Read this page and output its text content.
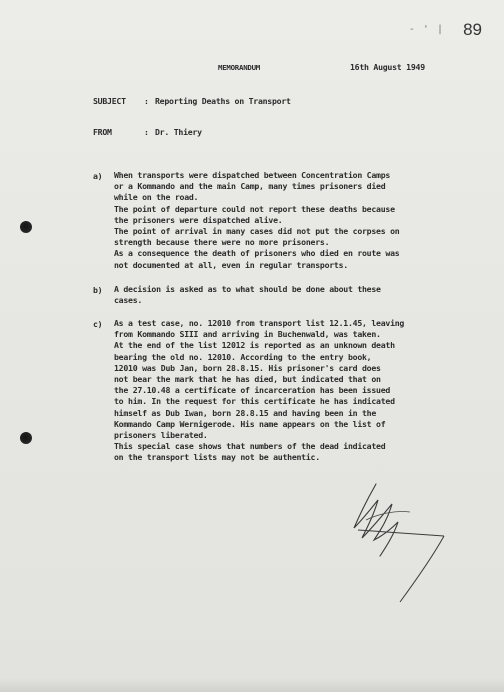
- ' | 89
MEMORANDUM	16th August 1949
SUBJECT : Reporting Deaths on Transport
FROM	: Dr. Thiery
a) When transports were dispatched between Concentration Camps
or a Kommando and the main Camp, many times prisoners died
while on the road.
The point of departure could not report these deaths because
the prisoners were dispatched alive.
The point of arrival in many cases did not put the corpses on
strength because there were no more prisoners.
As a consequence the death of prisoners who died en route was
not documented at all, even in regular transports.
b) A decision is asked as to what should be done about these
cases.
c) As a test case, no. 12010 from transport list 12.1.45, leaving
from Kommando SIII and arriving in Buchenwald, was taken.
At the end of the list 12012 is reported as an unknown death
bearing the old no. 12010. According to the entry book,
12010 was Dub Jan, born 28.8.15. His prisoner's card does
not bear the mark that he has died, but indicated that on
the 27.10.48 a certificate of incarceration has been issued
to him. In the request for this certificate he has indicated
himself as Dub Iwan, born 28.8.15 and having been in the
Kommando Camp Wernigerode. His name appears on the list of
prisoners liberated.
This special case shows that numbers of the dead indicated
on the transport lists may not be authentic.
